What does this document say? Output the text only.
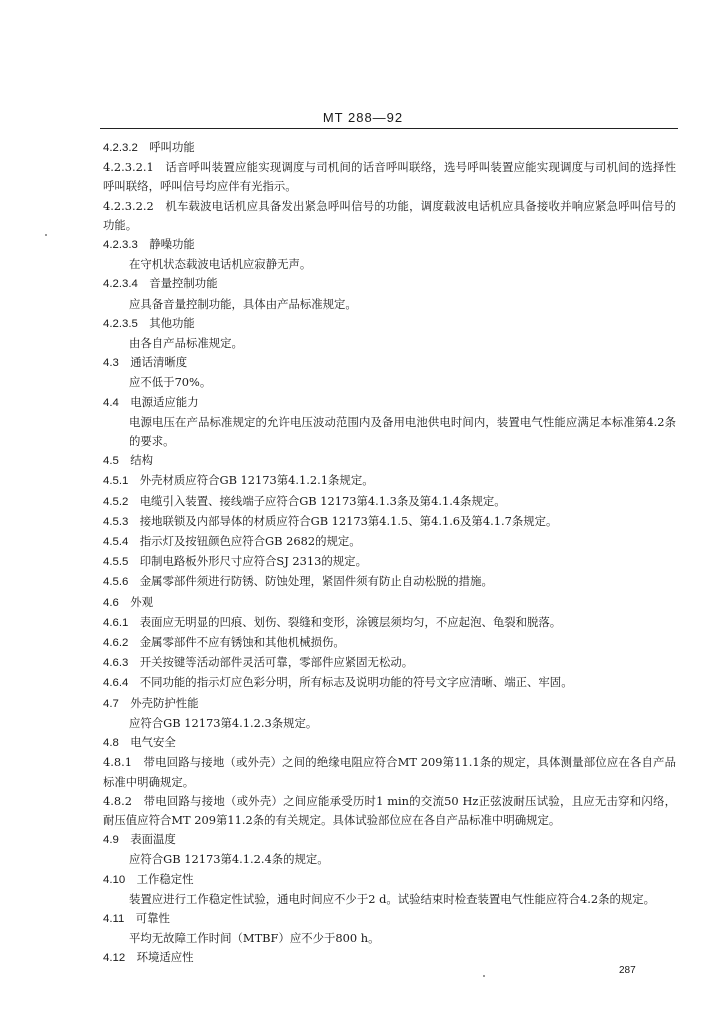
MT 288—92

4.2.3.2  呼叫功能

4.2.3.2.1  话音呼叫装置应能实现调度与司机间的话音呼叫联络，选号呼叫装置应能实现调度与司机间的选择性呼叫联络，呼叫信号均应伴有光指示。

4.2.3.2.2  机车载波电话机应具备发出紧急呼叫信号的功能，调度载波电话机应具备接收并响应紧急呼叫信号的功能。

4.2.3.3  静噪功能

在守机状态载波电话机应寂静无声。

4.2.3.4  音量控制功能

应具备音量控制功能，具体由产品标准规定。

4.2.3.5  其他功能

由各自产品标准规定。

4.3  通话清晰度

应不低于70%。

4.4  电源适应能力

电源电压在产品标准规定的允许电压波动范围内及备用电池供电时间内，装置电气性能应满足本标准第4.2条的要求。

4.5  结构

4.5.1  外壳材质应符合GB 12173第4.1.2.1条规定。

4.5.2  电缆引入装置、接线端子应符合GB 12173第4.1.3条及第4.1.4条规定。

4.5.3  接地联锁及内部导体的材质应符合GB 12173第4.1.5、第4.1.6及第4.1.7条规定。

4.5.4  指示灯及按钮颜色应符合GB 2682的规定。

4.5.5  印制电路板外形尺寸应符合SJ 2313的规定。

4.5.6  金属零部件须进行防锈、防蚀处理，紧固件须有防止自动松脱的措施。

4.6  外观

4.6.1  表面应无明显的凹痕、划伤、裂缝和变形，涂镀层须均匀，不应起泡、龟裂和脱落。

4.6.2  金属零部件不应有锈蚀和其他机械损伤。

4.6.3  开关按键等活动部件灵活可靠，零部件应紧固无松动。

4.6.4  不同功能的指示灯应色彩分明，所有标志及说明功能的符号文字应清晰、端正、牢固。

4.7  外壳防护性能

应符合GB 12173第4.1.2.3条规定。

4.8  电气安全

4.8.1  带电回路与接地（或外壳）之间的绝缘电阻应符合MT 209第11.1条的规定，具体测量部位应在各自产品标准中明确规定。

4.8.2  带电回路与接地（或外壳）之间应能承受历时1 min的交流50 Hz正弦波耐压试验，且应无击穿和闪络，耐压值应符合MT 209第11.2条的有关规定。具体试验部位应在各自产品标准中明确规定。

4.9  表面温度

应符合GB 12173第4.1.2.4条的规定。

4.10  工作稳定性

装置应进行工作稳定性试验，通电时间应不少于2 d。试验结束时检查装置电气性能应符合4.2条的规定。

4.11  可靠性

平均无故障工作时间（MTBF）应不少于800 h。

4.12  环境适应性

287
